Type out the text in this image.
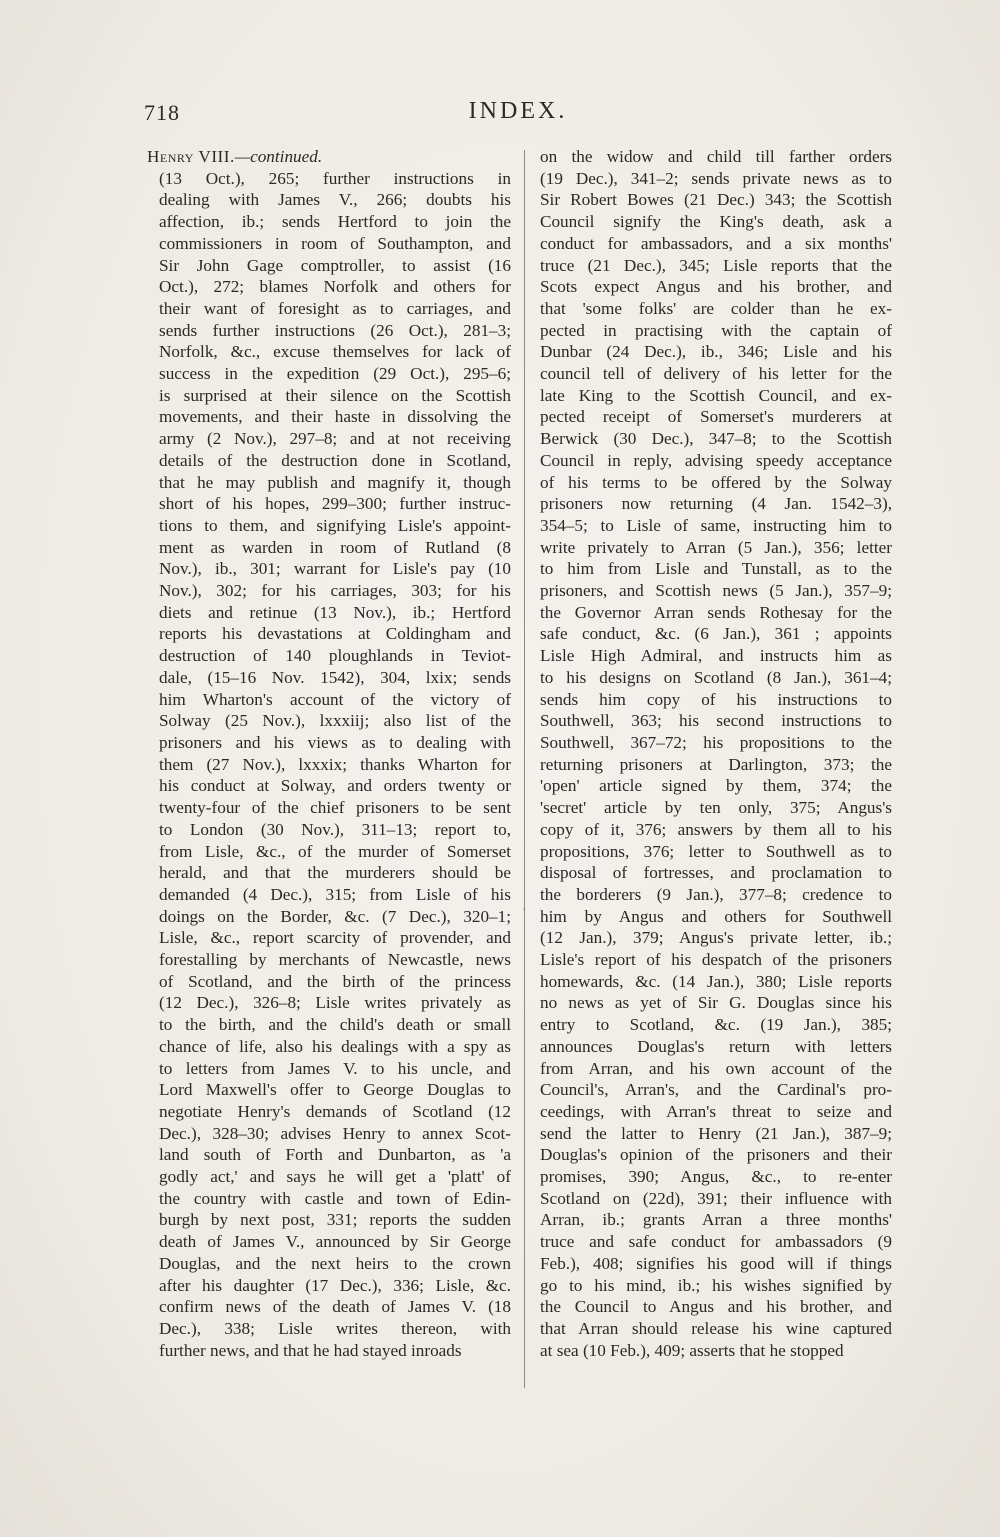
718	INDEX.
Henry VIII.—continued.
(13 Oct.), 265; further instructions in
dealing with James V., 266; doubts his
affection, ib.; sends Hertford to join the
commissioners in room of Southampton, and
Sir John Gage comptroller, to assist (16
Oct.), 272; blames Norfolk and others for
their want of foresight as to carriages, and
sends further instructions (26 Oct.), 281–3;
Norfolk, &c., excuse themselves for lack of
success in the expedition (29 Oct.), 295–6;
is surprised at their silence on the Scottish
movements, and their haste in dissolving the
army (2 Nov.), 297–8; and at not receiving
details of the destruction done in Scotland,
that he may publish and magnify it, though
short of his hopes, 299–300; further instruc-
tions to them, and signifying Lisle's appoint-
ment as warden in room of Rutland (8
Nov.), ib., 301; warrant for Lisle's pay (10
Nov.), 302; for his carriages, 303; for his
diets and retinue (13 Nov.), ib.; Hertford
reports his devastations at Coldingham and
destruction of 140 ploughlands in Teviot-
dale, (15–16 Nov. 1542), 304, lxix; sends
him Wharton's account of the victory of
Solway (25 Nov.), lxxxiij; also list of the
prisoners and his views as to dealing with
them (27 Nov.), lxxxix; thanks Wharton for
his conduct at Solway, and orders twenty or
twenty-four of the chief prisoners to be sent
to London (30 Nov.), 311–13; report to,
from Lisle, &c., of the murder of Somerset
herald, and that the murderers should be
demanded (4 Dec.), 315; from Lisle of his
doings on the Border, &c. (7 Dec.), 320–1;
Lisle, &c., report scarcity of provender, and
forestalling by merchants of Newcastle, news
of Scotland, and the birth of the princess
(12 Dec.), 326–8; Lisle writes privately as
to the birth, and the child's death or small
chance of life, also his dealings with a spy as
to letters from James V. to his uncle, and
Lord Maxwell's offer to George Douglas to
negotiate Henry's demands of Scotland (12
Dec.), 328–30; advises Henry to annex Scot-
land south of Forth and Dunbarton, as 'a
godly act,' and says he will get a 'platt' of
the country with castle and town of Edin-
burgh by next post, 331; reports the sudden
death of James V., announced by Sir George
Douglas, and the next heirs to the crown
after his daughter (17 Dec.), 336; Lisle, &c.
confirm news of the death of James V. (18
Dec.), 338; Lisle writes thereon, with
further news, and that he had stayed inroads
,
on the widow and child till farther orders
(19 Dec.), 341–2; sends private news as to
Sir Robert Bowes (21 Dec.) 343; the Scottish
Council signify the King's death, ask a
conduct for ambassadors, and a six months'
truce (21 Dec.), 345; Lisle reports that the
Scots expect Angus and his brother, and
that 'some folks' are colder than he ex-
pected in practising with the captain of
Dunbar (24 Dec.), ib., 346; Lisle and his
council tell of delivery of his letter for the
late King to the Scottish Council, and ex-
pected receipt of Somerset's murderers at
Berwick (30 Dec.), 347–8; to the Scottish
Council in reply, advising speedy acceptance
of his terms to be offered by the Solway
prisoners now returning (4 Jan. 1542–3),
354–5; to Lisle of same, instructing him to
write privately to Arran (5 Jan.), 356; letter
to him from Lisle and Tunstall, as to the
prisoners, and Scottish news (5 Jan.), 357–9;
the Governor Arran sends Rothesay for the
safe conduct, &c. (6 Jan.), 361 ; appoints
Lisle High Admiral, and instructs him as
to his designs on Scotland (8 Jan.), 361–4;
sends him copy of his instructions to
Southwell, 363; his second instructions to
Southwell, 367–72; his propositions to the
returning prisoners at Darlington, 373; the
'open' article signed by them, 374; the
'secret' article by ten only, 375; Angus's
copy of it, 376; answers by them all to his
propositions, 376; letter to Southwell as to
disposal of fortresses, and proclamation to
the borderers (9 Jan.), 377–8; credence to
him by Angus and others for Southwell
(12 Jan.), 379; Angus's private letter, ib.;
Lisle's report of his despatch of the prisoners
homewards, &c. (14 Jan.), 380; Lisle reports
no news as yet of Sir G. Douglas since his
entry to Scotland, &c. (19 Jan.), 385;
announces Douglas's return with letters
from Arran, and his own account of the
Council's, Arran's, and the Cardinal's pro-
ceedings, with Arran's threat to seize and
send the latter to Henry (21 Jan.), 387–9;
Douglas's opinion of the prisoners and their
promises, 390; Angus, &c., to re-enter
Scotland on (22d), 391; their influence with
Arran, ib.; grants Arran a three months'
truce and safe conduct for ambassadors (9
Feb.), 408; signifies his good will if things
go to his mind, ib.; his wishes signified by
the Council to Angus and his brother, and
that Arran should release his wine captured
at sea (10 Feb.), 409; asserts that he stopped
